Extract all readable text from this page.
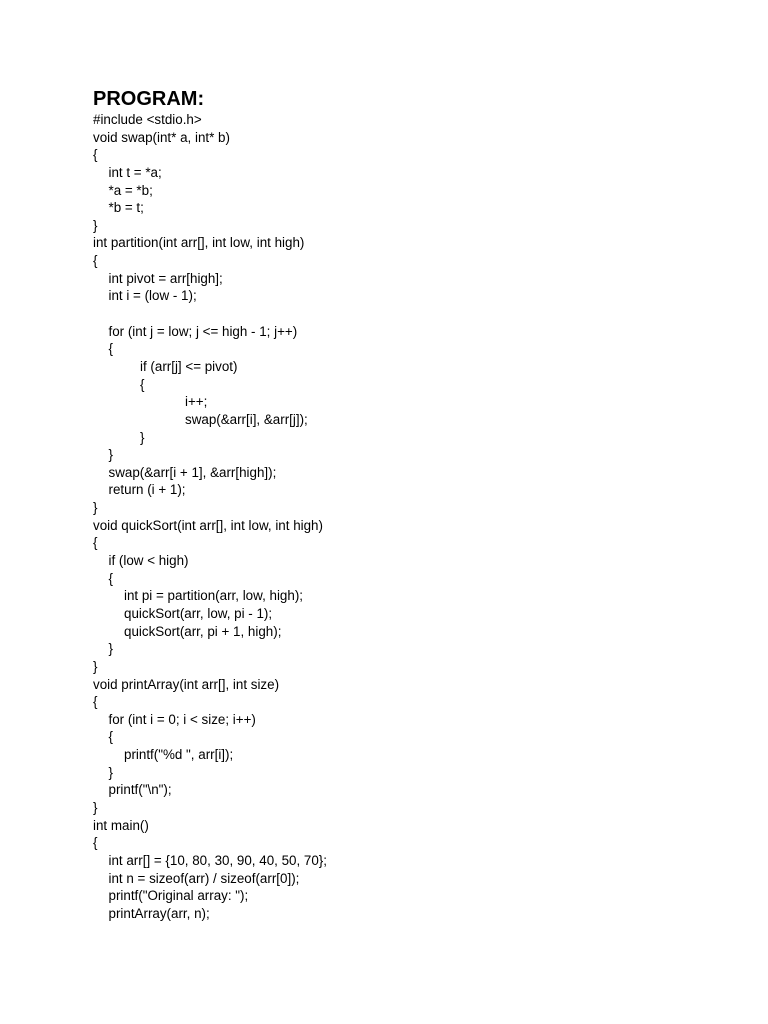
PROGRAM:
#include <stdio.h>
void swap(int* a, int* b)
{
int t = *a;
*a = *b;
*b = t;
}
int partition(int arr[], int low, int high)
{
int pivot = arr[high];
int i = (low - 1);
for (int j = low; j <= high - 1; j++)
{
if (arr[j] <= pivot)
{
i++;
swap(&arr[i], &arr[j]);
}
}
swap(&arr[i + 1], &arr[high]);
return (i + 1);
}
void quickSort(int arr[], int low, int high)
{
if (low < high)
{
int pi = partition(arr, low, high);
quickSort(arr, low, pi - 1);
quickSort(arr, pi + 1, high);
}
}
void printArray(int arr[], int size)
{
for (int i = 0; i < size; i++)
{
printf("%d ", arr[i]);
}
printf("\n");
}
int main()
{
int arr[] = {10, 80, 30, 90, 40, 50, 70};
int n = sizeof(arr) / sizeof(arr[0]);
printf("Original array: ");
printArray(arr, n);
